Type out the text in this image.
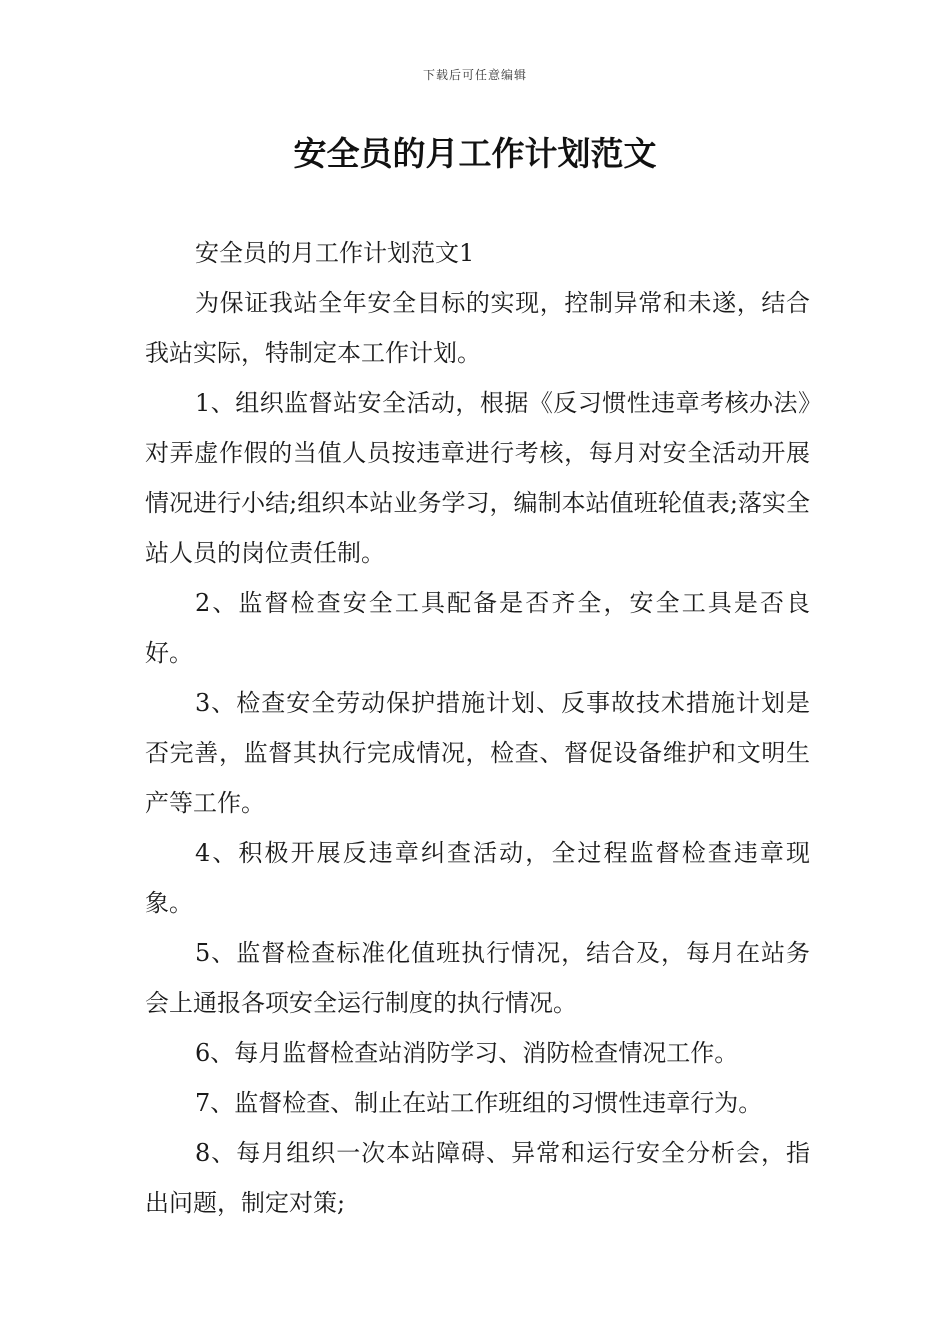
下载后可任意编辑
安全员的月工作计划范文

安全员的月工作计划范文1

为保证我站全年安全目标的实现，控制异常和未遂，结合我站实际，特制定本工作计划。

1、组织监督站安全活动，根据《反习惯性违章考核办法》对弄虚作假的当值人员按违章进行考核，每月对安全活动开展情况进行小结;组织本站业务学习，编制本站值班轮值表;落实全站人员的岗位责任制。

2、监督检查安全工具配备是否齐全，安全工具是否良好。

3、检查安全劳动保护措施计划、反事故技术措施计划是否完善，监督其执行完成情况，检查、督促设备维护和文明生产等工作。

4、积极开展反违章纠查活动，全过程监督检查违章现象。

5、监督检查标准化值班执行情况，结合及，每月在站务会上通报各项安全运行制度的执行情况。

6、每月监督检查站消防学习、消防检查情况工作。

7、监督检查、制止在站工作班组的习惯性违章行为。

8、每月组织一次本站障碍、异常和运行安全分析会，指出问题，制定对策;
